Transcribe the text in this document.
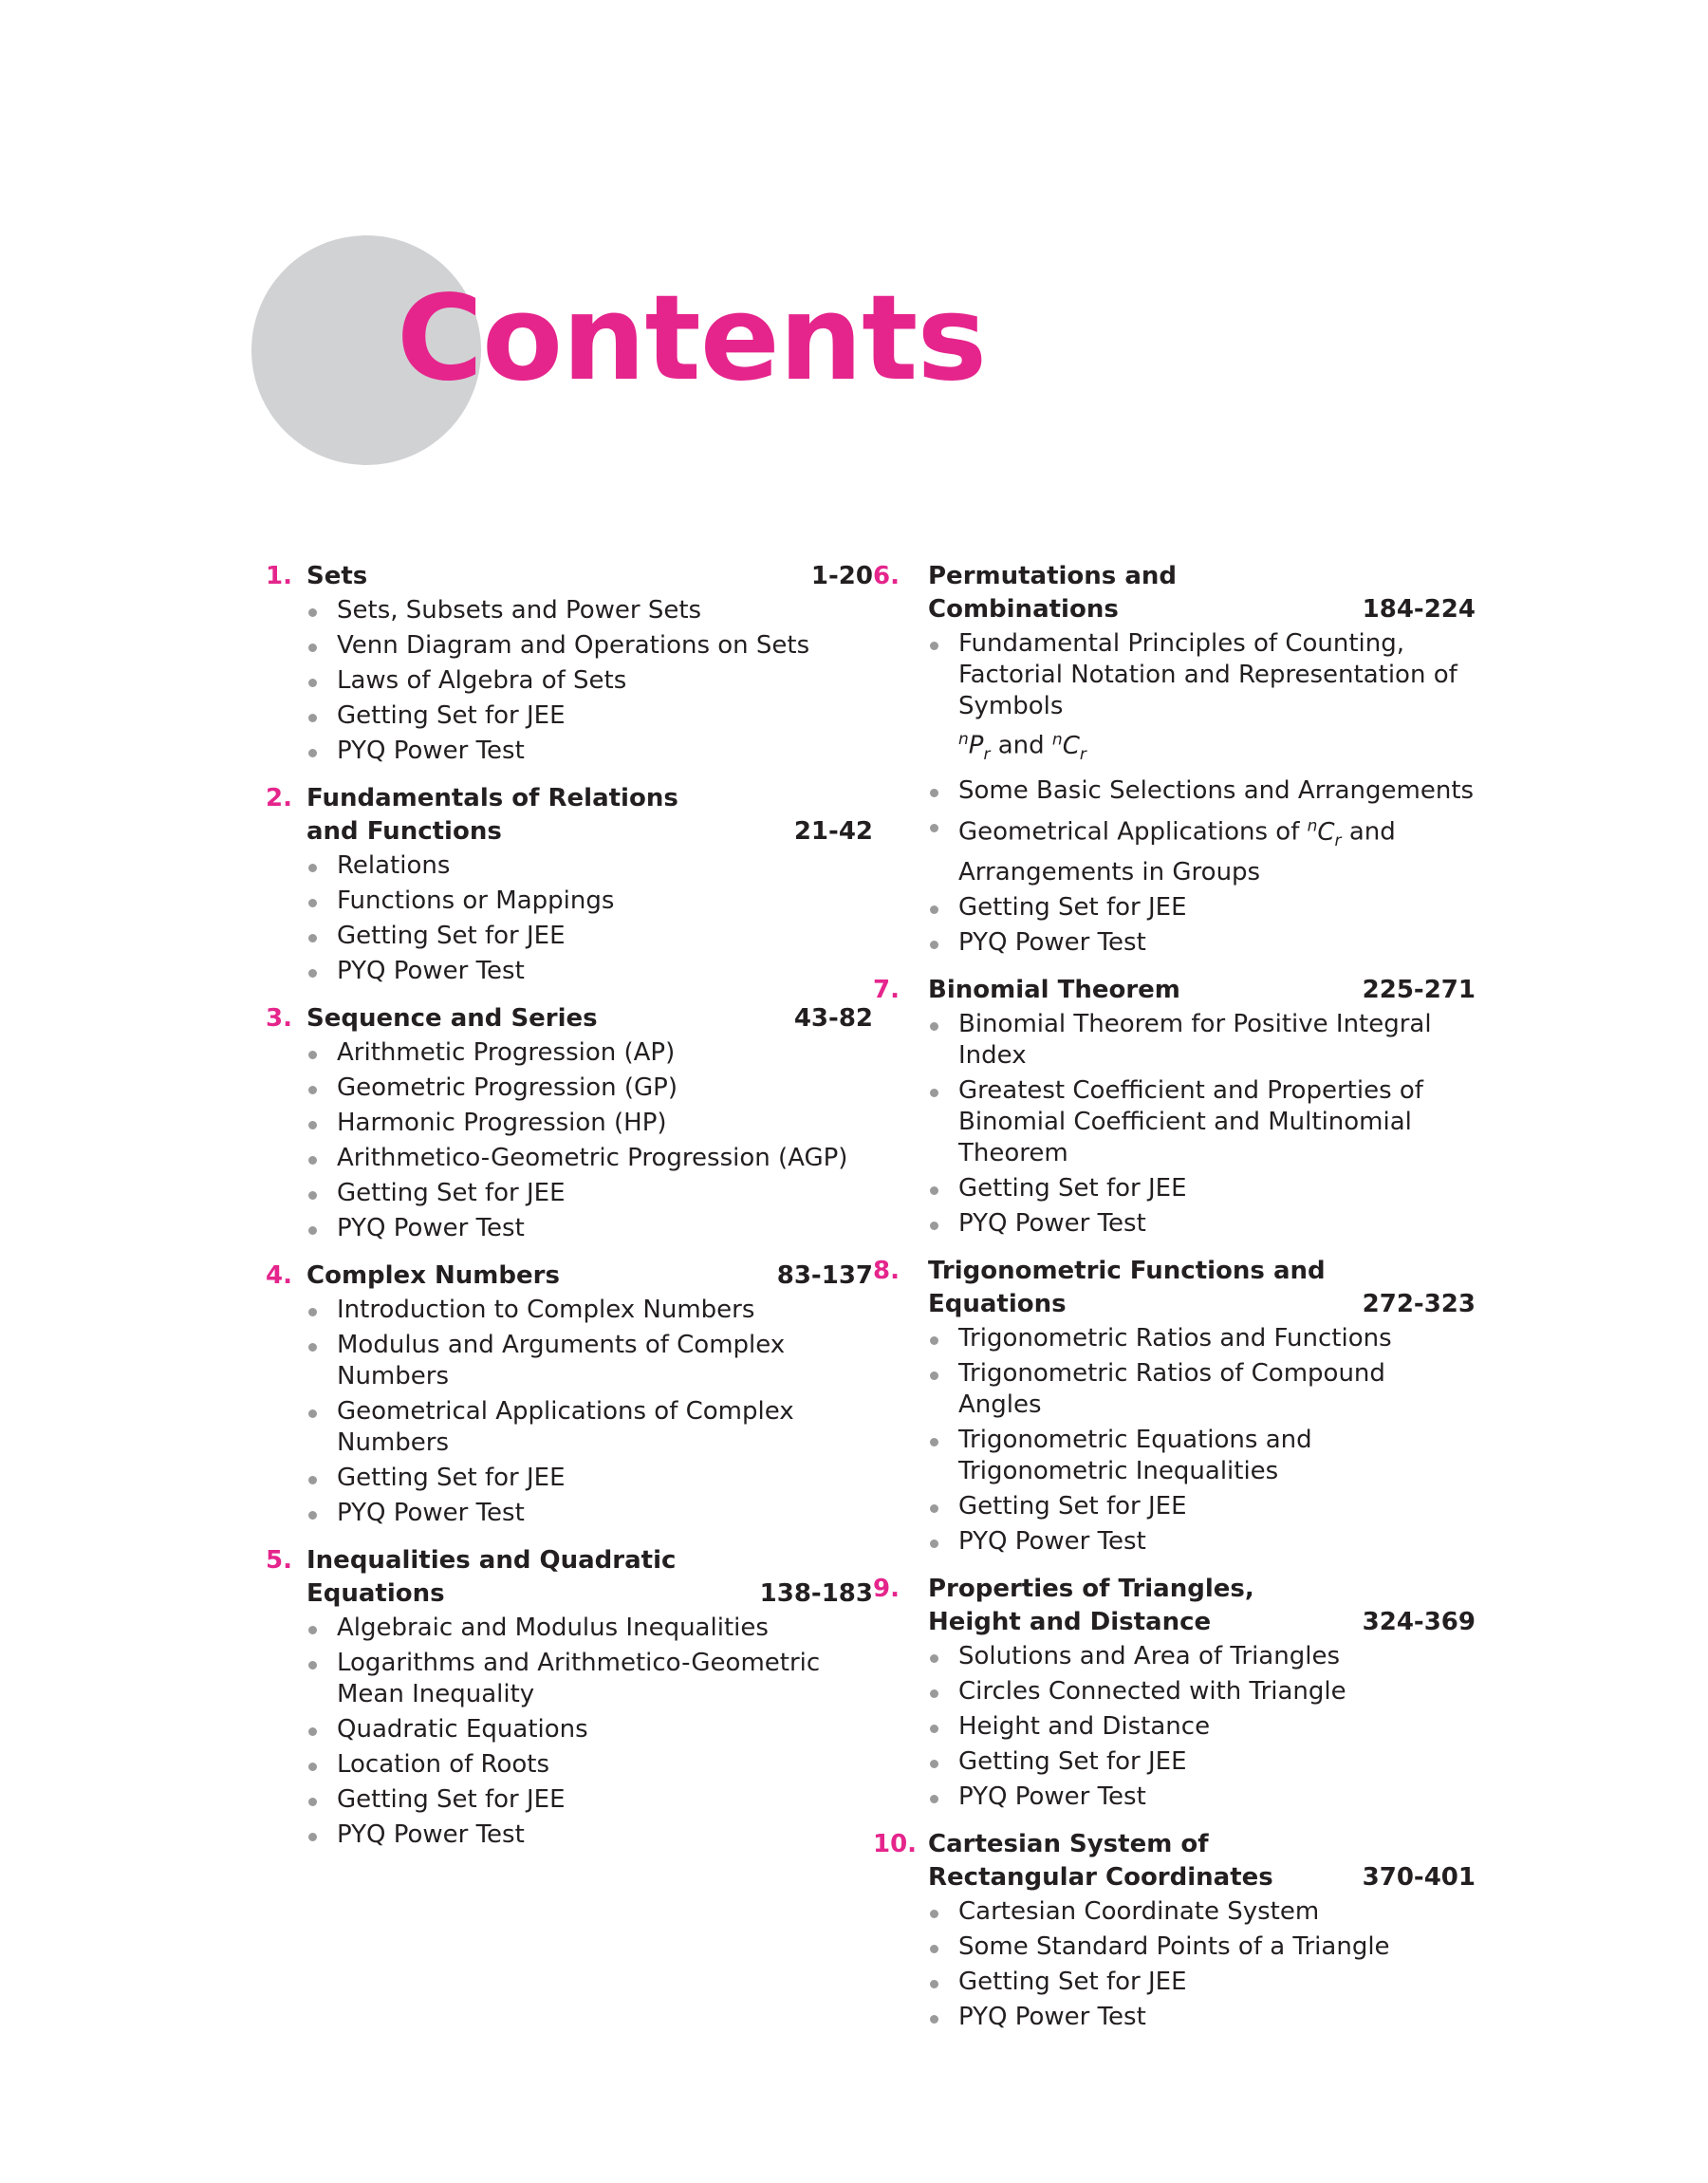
Contents
1. Sets	1-20
Sets, Subsets and Power Sets
Venn Diagram and Operations on Sets
Laws of Algebra of Sets
Getting Set for JEE
PYQ Power Test
2. Fundamentals of Relations and Functions	21-42
Relations
Functions or Mappings
Getting Set for JEE
PYQ Power Test
3. Sequence and Series	43-82
Arithmetic Progression (AP)
Geometric Progression (GP)
Harmonic Progression (HP)
Arithmetico-Geometric Progression (AGP)
Getting Set for JEE
PYQ Power Test
4. Complex Numbers	83-137
Introduction to Complex Numbers
Modulus and Arguments of Complex Numbers
Geometrical Applications of Complex Numbers
Getting Set for JEE
PYQ Power Test
5. Inequalities and Quadratic Equations	138-183
Algebraic and Modulus Inequalities
Logarithms and Arithmetico-Geometric Mean Inequality
Quadratic Equations
Location of Roots
Getting Set for JEE
PYQ Power Test
6. Permutations and Combinations	184-224
Fundamental Principles of Counting, Factorial Notation and Representation of Symbols
$^nP_r$ and $^nC_r$
Some Basic Selections and Arrangements
Geometrical Applications of $^nC_r$ and Arrangements in Groups
Getting Set for JEE
PYQ Power Test
7. Binomial Theorem	225-271
Binomial Theorem for Positive Integral Index
Greatest Coefficient and Properties of Binomial Coefficient and Multinomial Theorem
Getting Set for JEE
PYQ Power Test
8. Trigonometric Functions and Equations	272-323
Trigonometric Ratios and Functions
Trigonometric Ratios of Compound Angles
Trigonometric Equations and Trigonometric Inequalities
Getting Set for JEE
PYQ Power Test
9. Properties of Triangles, Height and Distance	324-369
Solutions and Area of Triangles
Circles Connected with Triangle
Height and Distance
Getting Set for JEE
PYQ Power Test
10. Cartesian System of Rectangular Coordinates	370-401
Cartesian Coordinate System
Some Standard Points of a Triangle
Getting Set for JEE
PYQ Power Test
